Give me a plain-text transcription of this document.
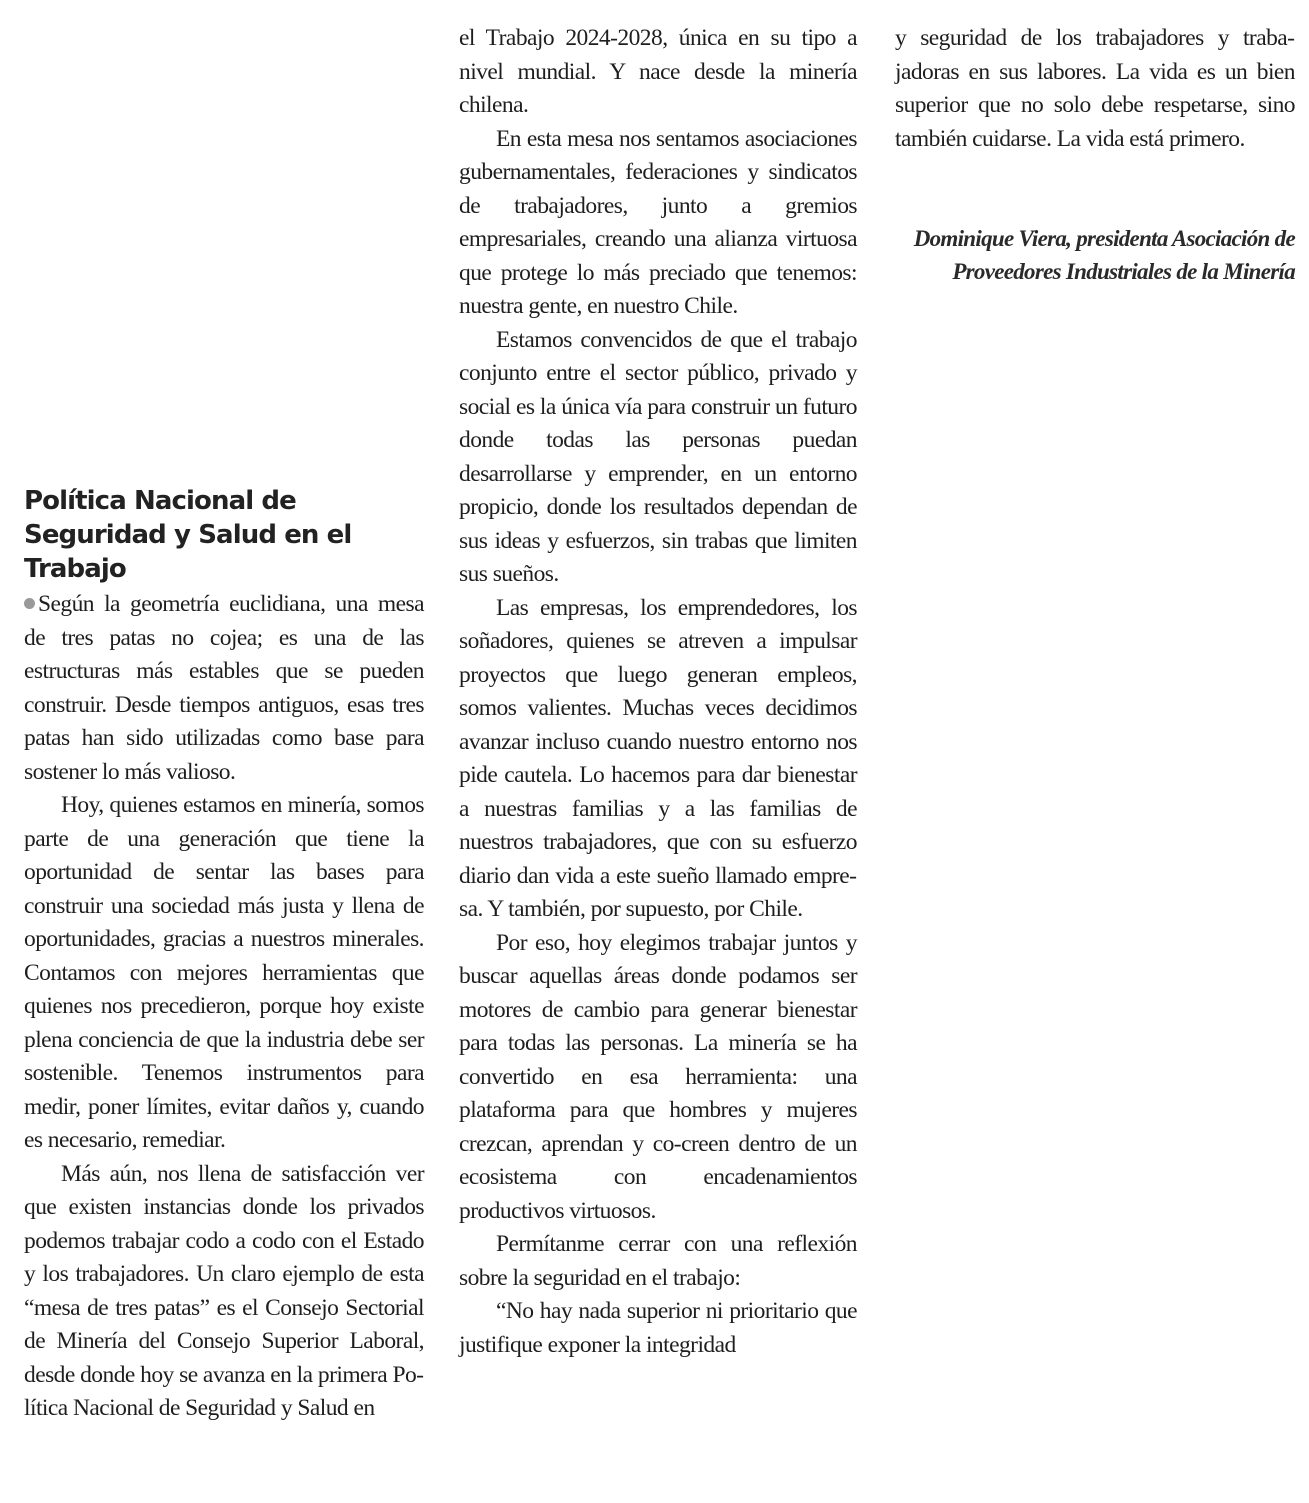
Política Nacional de Seguridad y Salud en el Trabajo

Según la geometría euclidiana, una mesa de tres patas no cojea; es una de las estructuras más estables que se pueden construir. Desde tiempos antiguos, esas tres patas han sido utilizadas como base para sostener lo más valioso.

Hoy, quienes estamos en minería, somos parte de una generación que tiene la oportunidad de sentar las bases para construir una sociedad más justa y llena de oportunidades, gracias a nuestros minerales. Contamos con mejores herramientas que quienes nos precedieron, porque hoy existe plena conciencia de que la industria debe ser sostenible. Tenemos instrumentos para medir, poner límites, evitar daños y, cuando es necesario, remediar.

Más aún, nos llena de satisfacción ver que existen instancias donde los privados podemos trabajar codo a codo con el Estado y los trabajadores. Un claro ejemplo de esta “mesa de tres patas” es el Consejo Sectorial de Minería del Consejo Superior Laboral, desde donde hoy se avanza en la primera Política Nacional de Seguridad y Salud en

el Trabajo 2024-2028, única en su tipo a nivel mundial. Y nace desde la minería chilena.

En esta mesa nos sentamos asociaciones gubernamentales, federaciones y sindicatos de trabajadores, junto a gremios empresariales, creando una alianza virtuosa que protege lo más preciado que tenemos: nuestra gente, en nuestro Chile.

Estamos convencidos de que el trabajo conjunto entre el sector público, privado y social es la única vía para construir un futuro donde todas las personas puedan desarrollarse y emprender, en un entorno propicio, donde los resultados dependan de sus ideas y esfuerzos, sin trabas que limiten sus sueños.

Las empresas, los emprendedores, los soñadores, quienes se atreven a impulsar proyectos que luego generan empleos, somos valientes. Muchas veces decidimos avanzar incluso cuando nuestro entorno nos pide cautela. Lo hacemos para dar bienestar a nuestras familias y a las familias de nuestros trabajadores, que con su esfuerzo diario dan vida a este sueño llamado empresa. Y también, por supuesto, por Chile.

Por eso, hoy elegimos trabajar juntos y buscar aquellas áreas donde podamos ser motores de cambio para generar bienestar para todas las personas. La minería se ha convertido en esa herramienta: una plataforma para que hombres y mujeres crezcan, aprendan y co-creen dentro de un ecosistema con encadenamientos productivos virtuosos.

Permítanme cerrar con una reflexión sobre la seguridad en el trabajo:

“No hay nada superior ni prioritario que justifique exponer la integridad

y seguridad de los trabajadores y trabajadoras en sus labores. La vida es un bien superior que no solo debe respetarse, sino también cuidarse. La vida está primero.

Dominique Viera, presidenta Asociación de Proveedores Industriales de la Minería
